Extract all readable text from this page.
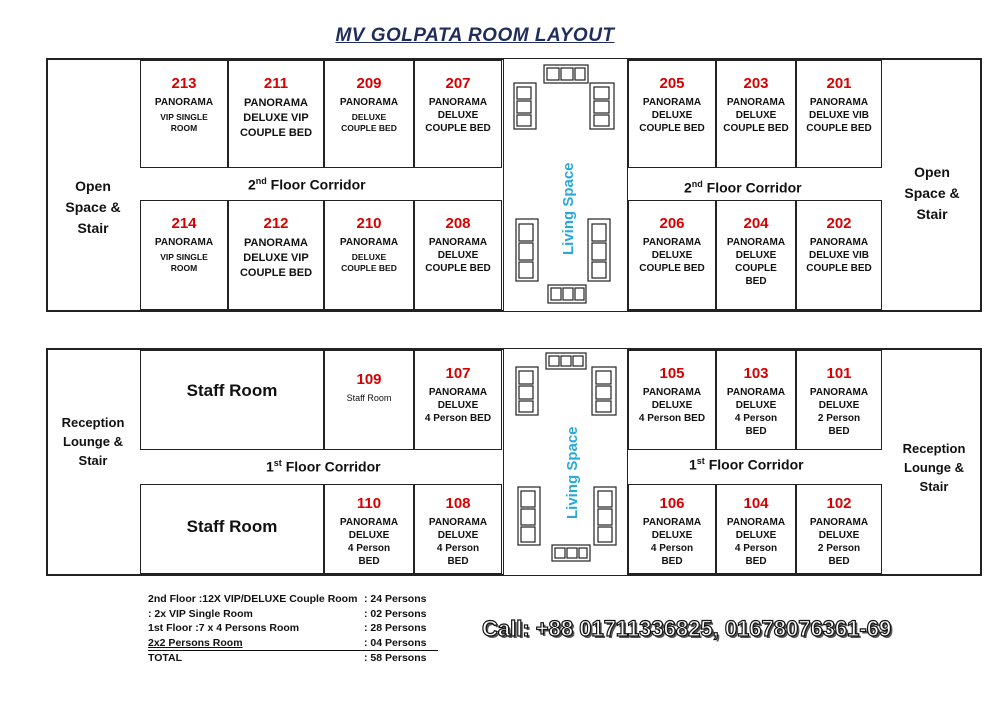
MV GOLPATA ROOM LAYOUT
Open
Space &
Stair
Open
Space &
Stair
213
PANORAMA
VIP SINGLE
ROOM
211
PANORAMA
DELUXE VIP
COUPLE BED
209
PANORAMA
DELUXE
COUPLE BED
207
PANORAMA
DELUXE
COUPLE BED
205
PANORAMA
DELUXE
COUPLE BED
203
PANORAMA
DELUXE
COUPLE BED
201
PANORAMA
DELUXE VIB
COUPLE BED
2nd Floor Corridor	2nd Floor Corridor
214
PANORAMA
VIP SINGLE
ROOM
212
PANORAMA
DELUXE VIP
COUPLE BED
210
PANORAMA
DELUXE
COUPLE BED
208
PANORAMA
DELUXE
COUPLE BED
206
PANORAMA
DELUXE
COUPLE BED
204
PANORAMA
DELUXE
COUPLE
BED
202
PANORAMA
DELUXE VIB
COUPLE BED
Living Space
Reception
Lounge &
Stair
Reception
Lounge &
Stair
Staff Room
Staff Room
109
Staff Room
107
PANORAMA
DELUXE
4 Person BED
105
PANORAMA
DELUXE
4 Person BED
103
PANORAMA
DELUXE
4 Person
BED
101
PANORAMA
DELUXE
2 Person
BED
1st Floor Corridor	1st Floor Corridor
110
PANORAMA
DELUXE
4 Person
BED
108
PANORAMA
DELUXE
4 Person
BED
106
PANORAMA
DELUXE
4 Person
BED
104
PANORAMA
DELUXE
4 Person
BED
102
PANORAMA
DELUXE
2 Person
BED
Living Space
2nd Floor :12X VIP/DELUXE Couple Room : 24 Persons
: 2x VIP Single Room	: 02 Persons
1st Floor :7 x 4 Persons Room	: 28 Persons
2x2 Persons Room	: 04 Persons
TOTAL	: 58 Persons
Call: +88 01711336825, 01678076361-69
